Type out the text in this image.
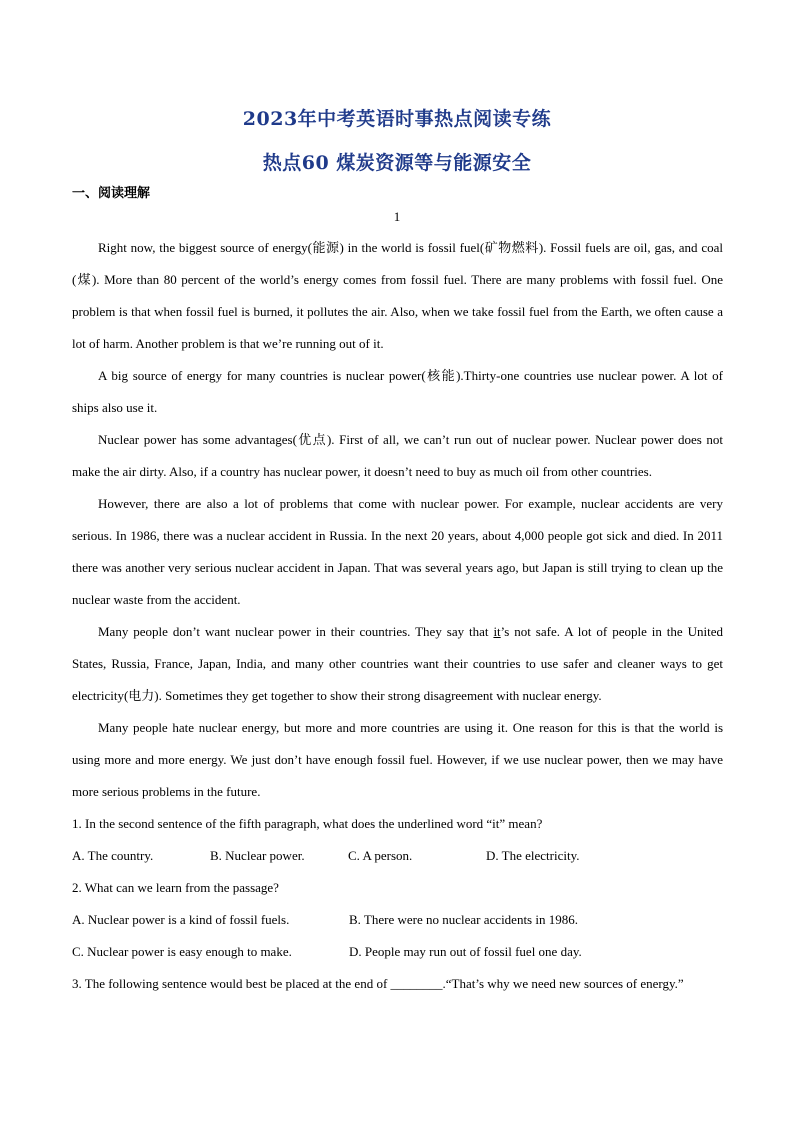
2023年中考英语时事热点阅读专练
热点60 煤炭资源等与能源安全
一、阅读理解
1

Right now, the biggest source of energy(能源) in the world is fossil fuel(矿物燃料). Fossil fuels are oil, gas, and coal (煤). More than 80 percent of the world’s energy comes from fossil fuel. There are many problems with fossil fuel. One problem is that when fossil fuel is burned, it pollutes the air. Also, when we take fossil fuel from the Earth, we often cause a lot of harm. Another problem is that we’re running out of it.

A big source of energy for many countries is nuclear power(核能).Thirty-one countries use nuclear power. A lot of ships also use it.

Nuclear power has some advantages(优点). First of all, we can’t run out of nuclear power. Nuclear power does not make the air dirty. Also, if a country has nuclear power, it doesn’t need to buy as much oil from other countries.

However, there are also a lot of problems that come with nuclear power. For example, nuclear accidents are very serious. In 1986, there was a nuclear accident in Russia. In the next 20 years, about 4,000 people got sick and died. In 2011 there was another very serious nuclear accident in Japan. That was several years ago, but Japan is still trying to clean up the nuclear waste from the accident.

Many people don’t want nuclear power in their countries. They say that it’s not safe. A lot of people in the United States, Russia, France, Japan, India, and many other countries want their countries to use safer and cleaner ways to get electricity(电力). Sometimes they get together to show their strong disagreement with nuclear energy.

Many people hate nuclear energy, but more and more countries are using it. One reason for this is that the world is using more and more energy. We just don’t have enough fossil fuel. However, if we use nuclear power, then we may have more serious problems in the future.

1. In the second sentence of the fifth paragraph, what does the underlined word “it” mean?

A. The country.	B. Nuclear power.	C. A person.	D. The electricity.

2. What can we learn from the passage?

A. Nuclear power is a kind of fossil fuels.	B. There were no nuclear accidents in 1986.

C. Nuclear power is easy enough to make.	D. People may run out of fossil fuel one day.

3. The following sentence would best be placed at the end of ________.“That’s why we need new sources of energy.”
